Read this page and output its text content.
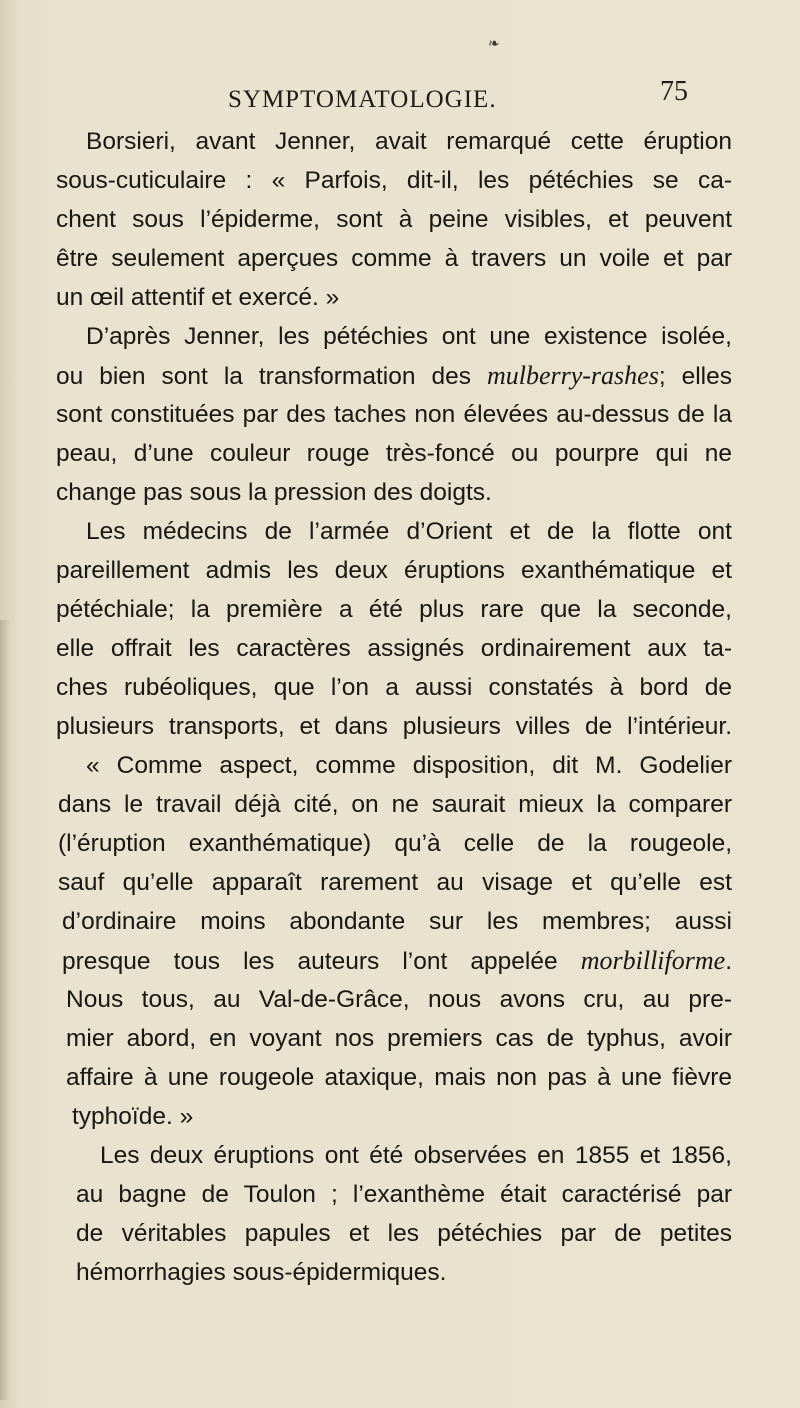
❧
SYMPTOMATOLOGIE.	75
Borsieri, avant Jenner, avait remarqué cette éruption
sous-cuticulaire : « Parfois, dit-il, les pétéchies se ca-
chent sous l’épiderme, sont à peine visibles, et peuvent
être seulement aperçues comme à travers un voile et par
un œil attentif et exercé. »
D’après Jenner, les pétéchies ont une existence isolée,
ou bien sont la transformation des mulberry-rashes; elles
sont constituées par des taches non élevées au-dessus de la
peau, d’une couleur rouge très-foncé ou pourpre qui ne
change pas sous la pression des doigts.
Les médecins de l’armée d’Orient et de la flotte ont
pareillement admis les deux éruptions exanthématique et
pétéchiale; la première a été plus rare que la seconde,
elle offrait les caractères assignés ordinairement aux ta-
ches rubéoliques, que l’on a aussi constatés à bord de
plusieurs transports, et dans plusieurs villes de l’intérieur.
« Comme aspect, comme disposition, dit M. Godelier
dans le travail déjà cité, on ne saurait mieux la comparer
(l’éruption exanthématique) qu’à celle de la rougeole,
sauf qu’elle apparaît rarement au visage et qu’elle est
d’ordinaire moins abondante sur les membres; aussi
presque tous les auteurs l’ont appelée morbilliforme.
Nous tous, au Val-de-Grâce, nous avons cru, au pre-
mier abord, en voyant nos premiers cas de typhus, avoir
affaire à une rougeole ataxique, mais non pas à une fièvre
typhoïde. »
Les deux éruptions ont été observées en 1855 et 1856,
au bagne de Toulon ; l’exanthème était caractérisé par
de véritables papules et les pétéchies par de petites
hémorrhagies sous-épidermiques.
